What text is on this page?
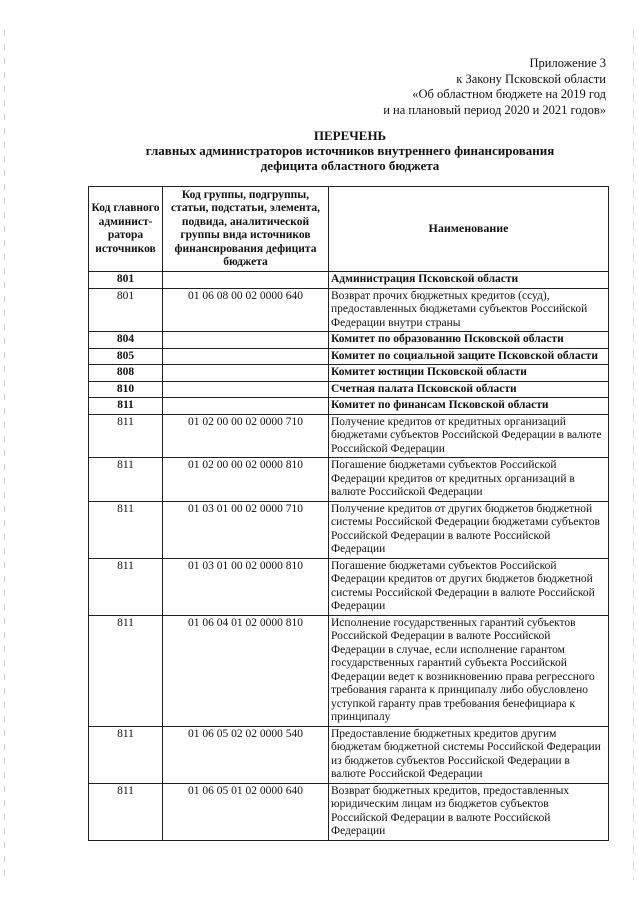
Приложение 3
к Закону Псковской области
«Об областном бюджете на 2019 год
и на плановый период 2020 и 2021 годов»
ПЕРЕЧЕНЬ
главных администраторов источников внутреннего финансирования
дефицита областного бюджета
Код главного админист-ратора источников	Код группы, подгруппы, статьи, подстатьи, элемента, подвида, аналитической группы вида источников финансирования дефицита бюджета	Наименование
801		Администрация Псковской области
801	01 06 08 00 02 0000 640	Возврат прочих бюджетных кредитов (ссуд), предоставленных бюджетами субъектов Российской Федерации внутри страны
804		Комитет по образованию Псковской области
805		Комитет по социальной защите Псковской области
808		Комитет юстиции Псковской области
810		Счетная палата Псковской области
811		Комитет по финансам Псковской области
811	01 02 00 00 02 0000 710	Получение кредитов от кредитных организаций бюджетами субъектов Российской Федерации в валюте Российской Федерации
811	01 02 00 00 02 0000 810	Погашение бюджетами субъектов Российской Федерации кредитов от кредитных организаций в валюте Российской Федерации
811	01 03 01 00 02 0000 710	Получение кредитов от других бюджетов бюджетной системы Российской Федерации бюджетами субъектов Российской Федерации в валюте Российской Федерации
811	01 03 01 00 02 0000 810	Погашение бюджетами субъектов Российской Федерации кредитов от других бюджетов бюджетной системы Российской Федерации в валюте Российской Федерации
811	01 06 04 01 02 0000 810	Исполнение государственных гарантий субъектов Российской Федерации в валюте Российской Федерации в случае, если исполнение гарантом государственных гарантий субъекта Российской Федерации ведет к возникновению права регрессного требования гаранта к принципалу либо обусловлено уступкой гаранту прав требования бенефициара к принципалу
811	01 06 05 02 02 0000 540	Предоставление бюджетных кредитов другим бюджетам бюджетной системы Российской Федерации из бюджетов субъектов Российской Федерации в валюте Российской Федерации
811	01 06 05 01 02 0000 640	Возврат бюджетных кредитов, предоставленных юридическим лицам из бюджетов субъектов Российской Федерации в валюте Российской Федерации
